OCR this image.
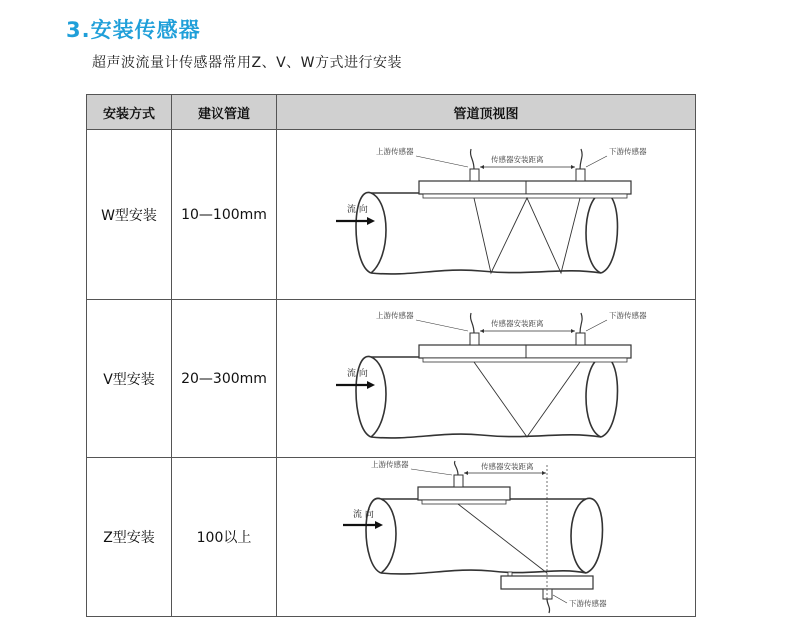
3.安装传感器
超声波流量计传感器常用Z、V、W方式进行安装
安装方式	建议管道	管道顶视图
W型安装	10—100mm	传感器安装距离
上游传感器 下游传感器
流 向

V型安装	20—300mm	传感器安装距离
上游传感器 下游传感器
流 向

Z型安装	100以上	传感器安装距离
上游传感器
下游传感器
流 向
